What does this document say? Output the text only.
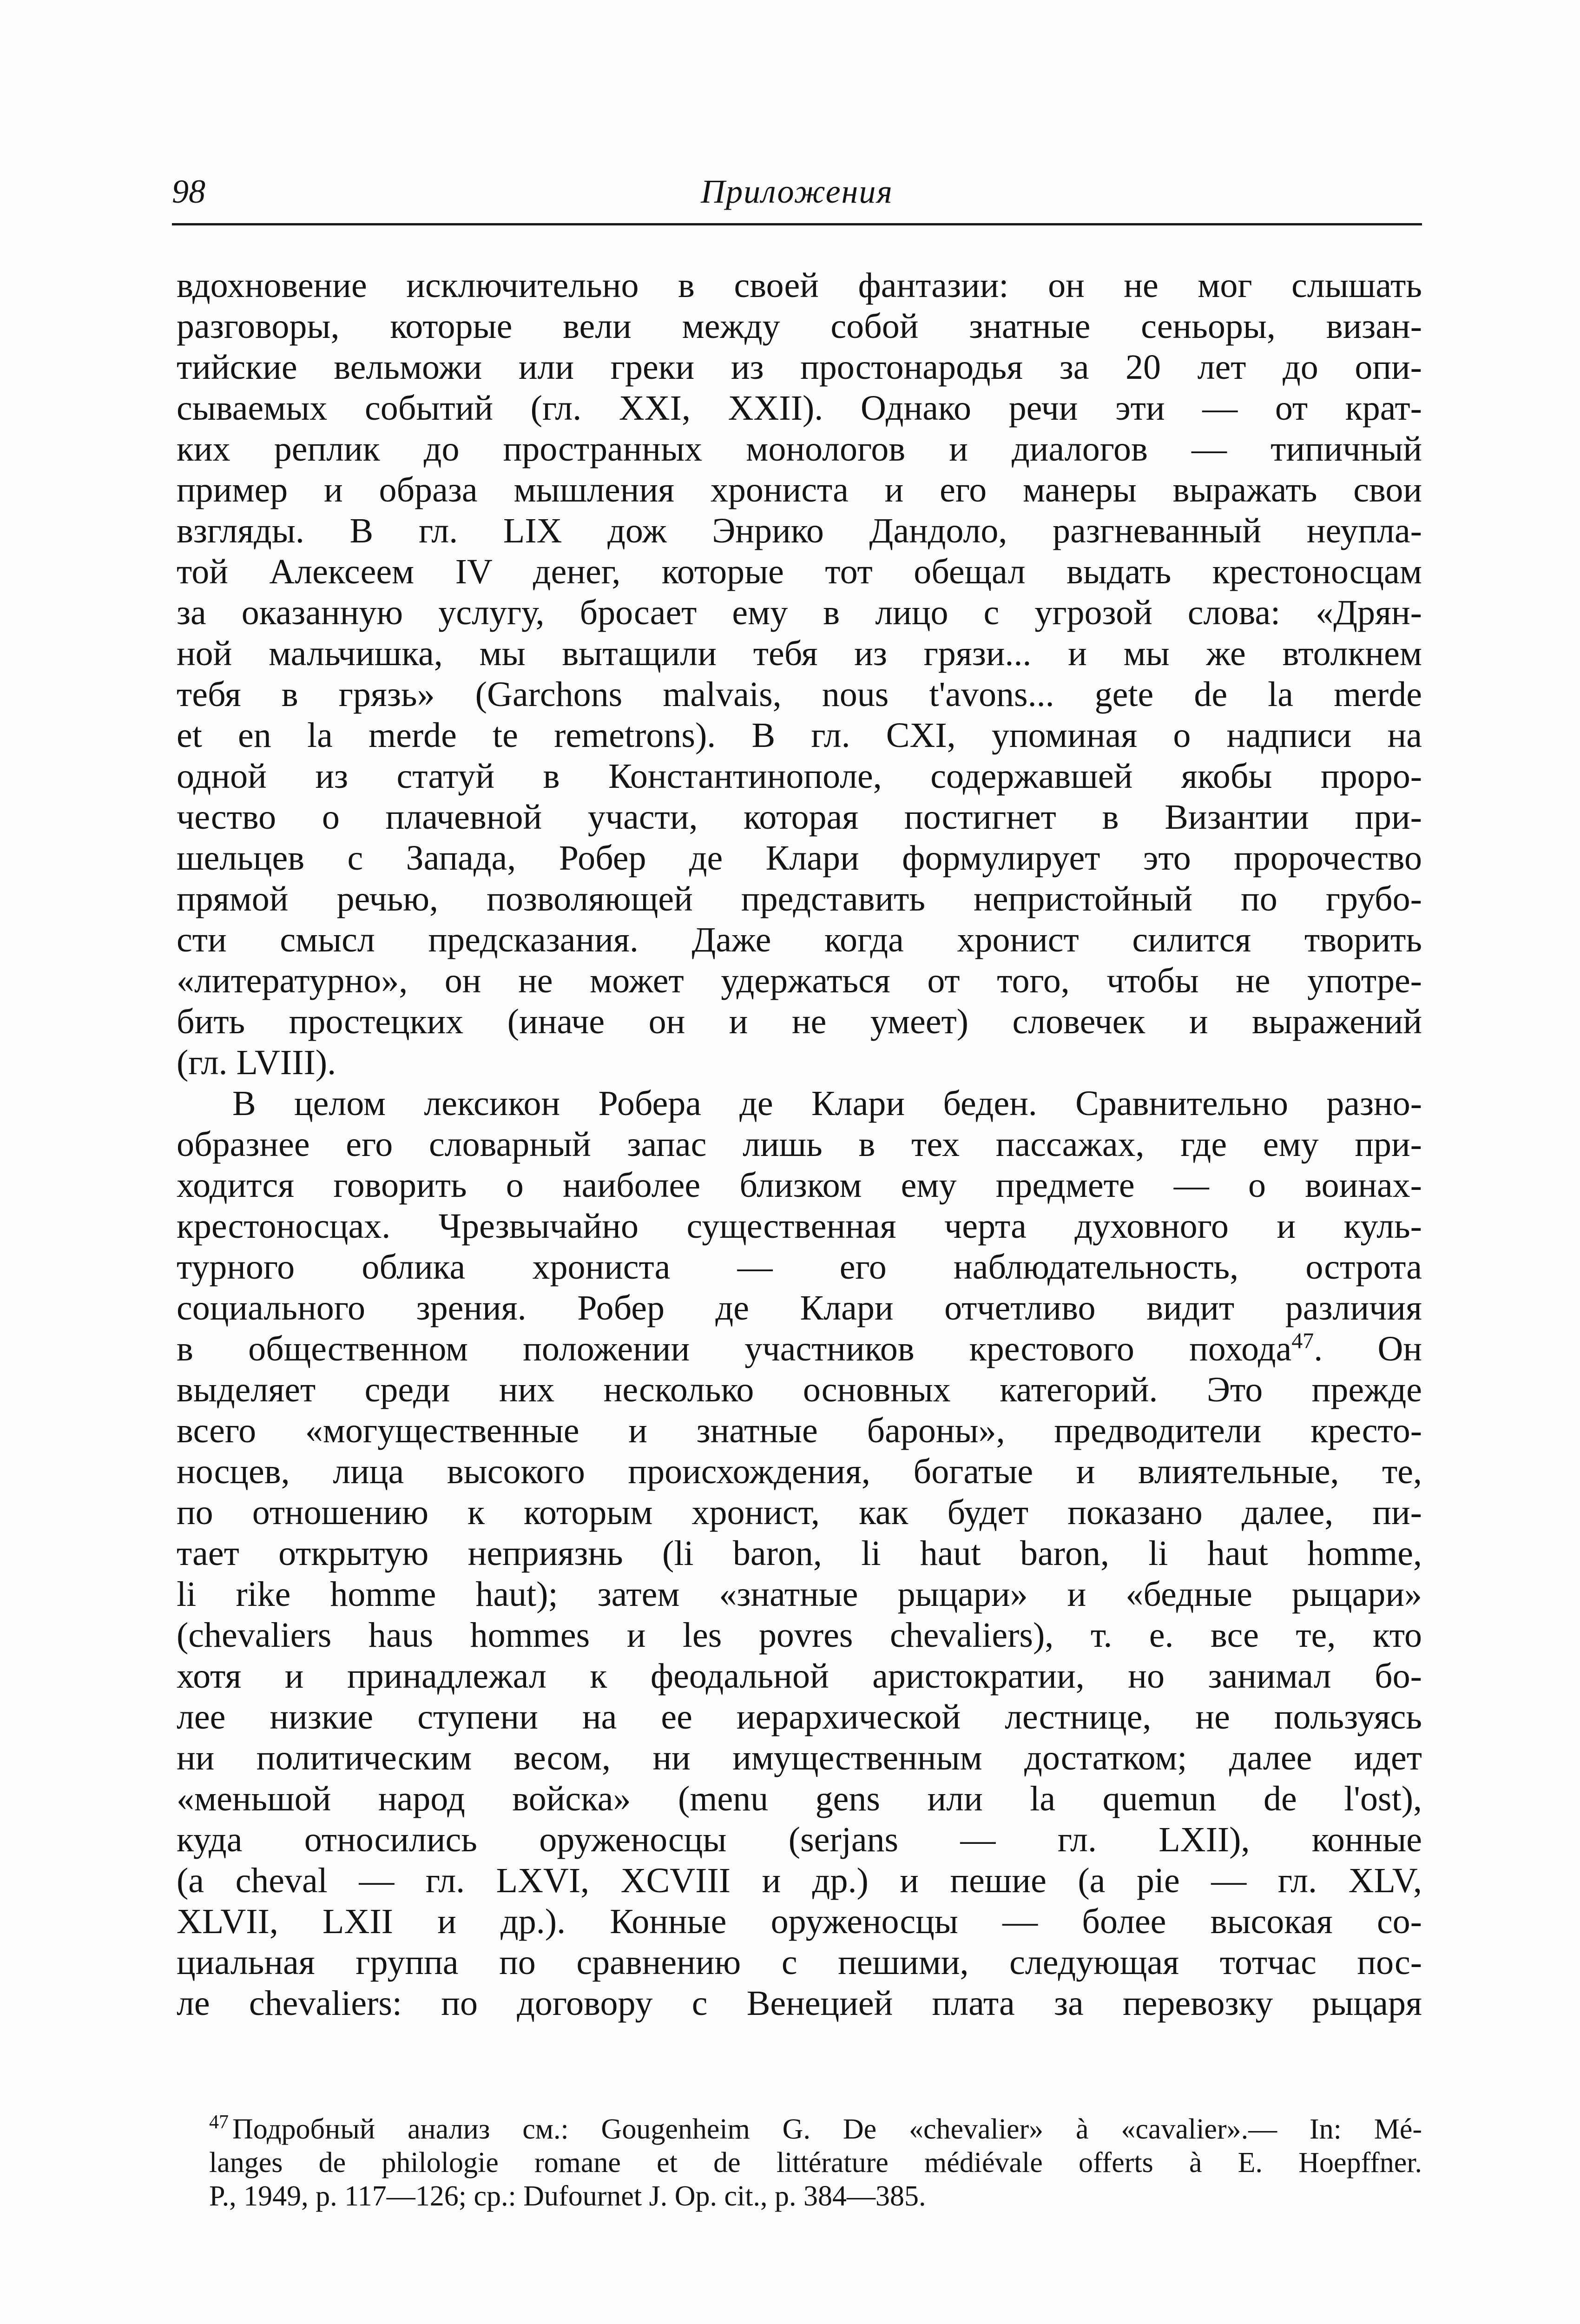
98	Приложения

вдохновение исключительно в своей фантазии: он не мог слышать
разговоры, которые вели между собой знатные сеньоры, визан-
тийские вельможи или греки из простонародья за 20 лет до опи-
сываемых событий (гл. XXI, XXII). Однако речи эти — от крат-
ких реплик до пространных монологов и диалогов — типичный
пример и образа мышления хрониста и его манеры выражать свои
взгляды. В гл. LIX дож Энрико Дандоло, разгневанный неупла-
той Алексеем IV денег, которые тот обещал выдать крестоносцам
за оказанную услугу, бросает ему в лицо с угрозой слова: «Дрян-
ной мальчишка, мы вытащили тебя из грязи... и мы же втолкнем
тебя в грязь» (Garchons malvais, nous t'avons... gete de la merde
et en la merde te remetrons). В гл. CXI, упоминая о надписи на
одной из статуй в Константинополе, содержавшей якобы проро-
чество о плачевной участи, которая постигнет в Византии при-
шельцев с Запада, Робер де Клари формулирует это пророчество
прямой речью, позволяющей представить непристойный по грубо-
сти смысл предсказания. Даже когда хронист силится творить
«литературно», он не может удержаться от того, чтобы не употре-
бить простецких (иначе он и не умеет) словечек и выражений
(гл. LVIII).

В целом лексикон Робера де Клари беден. Сравнительно разно-
образнее его словарный запас лишь в тех пассажах, где ему при-
ходится говорить о наиболее близком ему предмете — о воинах-
крестоносцах. Чрезвычайно существенная черта духовного и куль-
турного облика хрониста — его наблюдательность, острота
социального зрения. Робер де Клари отчетливо видит различия
в общественном положении участников крестового похода$^{47}$. Он
выделяет среди них несколько основных категорий. Это прежде
всего «могущественные и знатные бароны», предводители кресто-
носцев, лица высокого происхождения, богатые и влиятельные, те,
по отношению к которым хронист, как будет показано далее, пи-
тает открытую неприязнь (li baron, li haut baron, li haut homme,
li rike homme haut); затем «знатные рыцари» и «бедные рыцари»
(chevaliers haus hommes и les povres chevaliers), т. е. все те, кто
хотя и принадлежал к феодальной аристократии, но занимал бо-
лее низкие ступени на ее иерархической лестнице, не пользуясь
ни политическим весом, ни имущественным достатком; далее идет
«меньшой народ войска» (menu gens или la quemun de l'ost),
куда относились оруженосцы (serjans — гл. LXII), конные
(a cheval — гл. LXVI, XCVIII и др.) и пешие (a pie — гл. XLV,
XLVII, LXII и др.). Конные оруженосцы — более высокая со-
циальная группа по сравнению с пешими, следующая тотчас пос-
ле chevaliers: по договору с Венецией плата за перевозку рыцаря

$^{47}$ Подробный анализ см.: Gougenheim G. De «chevalier» à «cavalier».— In: Mé-
langes de philologie romane et de littérature médiévale offerts à E. Hoepffner.
P., 1949, p. 117—126; ср.: Dufournet J. Op. cit., p. 384—385.
